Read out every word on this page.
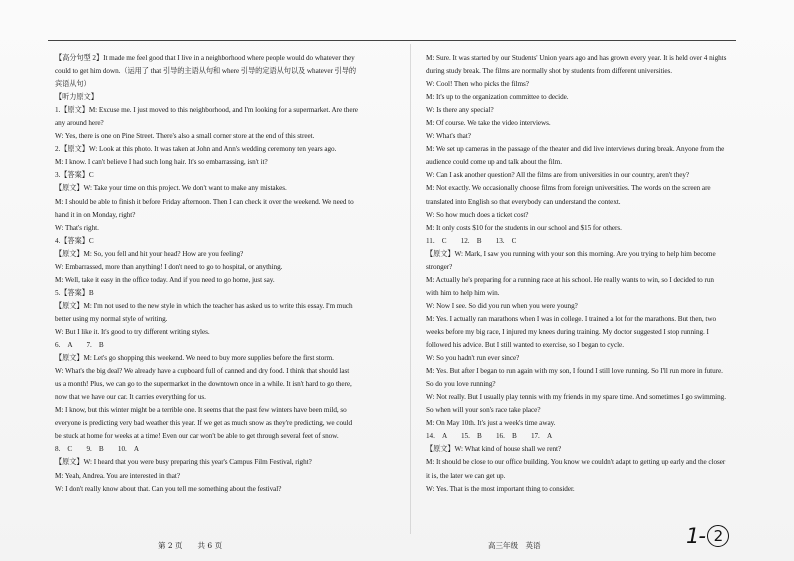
【高分句型 2】It made me feel good that I live in a neighborhood where people would do whatever they
could to get him down.（运用了 that 引导的主语从句和 where 引导的定语从句以及 whatever 引导的
宾语从句）
【听力原文】
1.【原文】M: Excuse me. I just moved to this neighborhood, and I'm looking for a supermarket. Are there
any around here?
W: Yes, there is one on Pine Street. There's also a small corner store at the end of this street.
2.【原文】W: Look at this photo. It was taken at John and Ann's wedding ceremony ten years ago.
M: I know. I can't believe I had such long hair. It's so embarrassing, isn't it?
3.【答案】C
【原文】W: Take your time on this project. We don't want to make any mistakes.
M: I should be able to finish it before Friday afternoon. Then I can check it over the weekend. We need to
hand it in on Monday, right?
W: That's right.
4.【答案】C
【原文】M: So, you fell and hit your head? How are you feeling?
W: Embarrassed, more than anything! I don't need to go to hospital, or anything.
M: Well, take it easy in the office today. And if you need to go home, just say.
5.【答案】B
【原文】M: I'm not used to the new style in which the teacher has asked us to write this essay. I'm much
better using my normal style of writing.
W: But I like it. It's good to try different writing styles.
6.　A　　7.　B
【原文】M: Let's go shopping this weekend. We need to buy more supplies before the first storm.
W: What's the big deal? We already have a cupboard full of canned and dry food. I think that should last
us a month! Plus, we can go to the supermarket in the downtown once in a while. It isn't hard to go there,
now that we have our car. It carries everything for us.
M: I know, but this winter might be a terrible one. It seems that the past few winters have been mild, so
everyone is predicting very bad weather this year. If we get as much snow as they're predicting, we could
be stuck at home for weeks at a time! Even our car won't be able to get through several feet of snow.
8.　C　　9.　B　　10.　A
【原文】W: I heard that you were busy preparing this year's Campus Film Festival, right?
M: Yeah, Andrea. You are interested in that?
W: I don't really know about that. Can you tell me something about the festival?
M: Sure. It was started by our Students' Union years ago and has grown every year. It is held over 4 nights
during study break. The films are normally shot by students from different universities.
W: Cool! Then who picks the films?
M: It's up to the organization committee to decide.
W: Is there any special?
M: Of course. We take the video interviews.
W: What's that?
M: We set up cameras in the passage of the theater and did live interviews during break. Anyone from the
audience could come up and talk about the film.
W: Can I ask another question? All the films are from universities in our country, aren't they?
M: Not exactly. We occasionally choose films from foreign universities. The words on the screen are
translated into English so that everybody can understand the context.
W: So how much does a ticket cost?
M: It only costs $10 for the students in our school and $15 for others.
11.　C　　12.　B　　13.　C
【原文】W: Mark, I saw you running with your son this morning. Are you trying to help him become
stronger?
M: Actually he's preparing for a running race at his school. He really wants to win, so I decided to run
with him to help him win.
W: Now I see. So did you run when you were young?
M: Yes. I actually ran marathons when I was in college. I trained a lot for the marathons. But then, two
weeks before my big race, I injured my knees during training. My doctor suggested I stop running. I
followed his advice. But I still wanted to exercise, so I began to cycle.
W: So you hadn't run ever since?
M: Yes. But after I began to run again with my son, I found I still love running. So I'll run more in future.
So do you love running?
W: Not really. But I usually play tennis with my friends in my spare time. And sometimes I go swimming.
So when will your son's race take place?
M: On May 10th. It's just a week's time away.
14.　A　　15.　B　　16.　B　　17.　A
【原文】W: What kind of house shall we rent?
M: It should be close to our office building. You know we couldn't adapt to getting up early and the closer
it is, the later we can get up.
W: Yes. That is the most important thing to consider.
第 2 页　　共 6 页	高三年级　英语	1- 2
